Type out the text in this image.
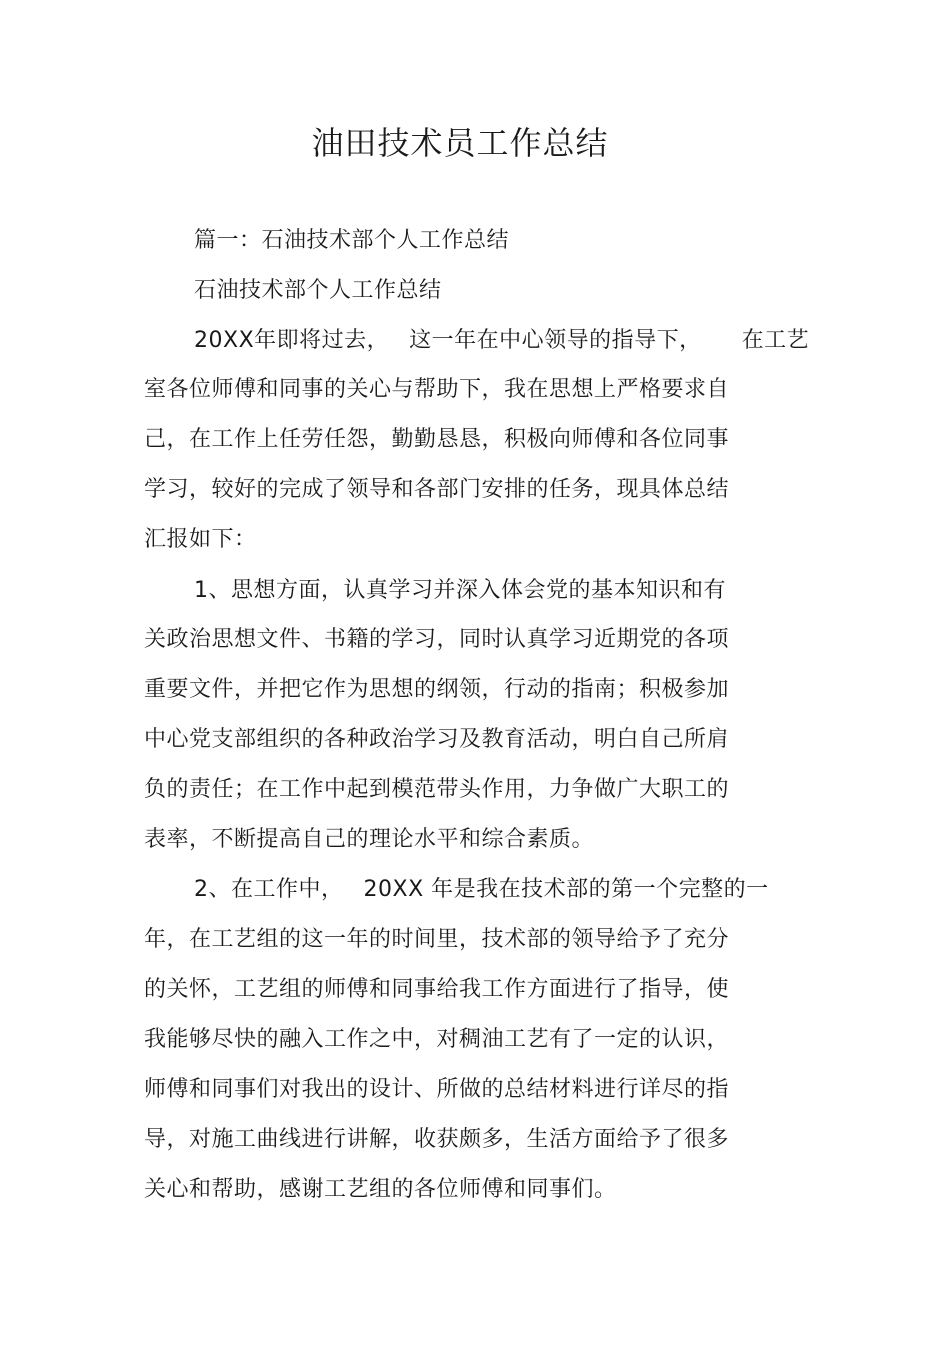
油田技术员工作总结
篇一：石油技术部个人工作总结
石油技术部个人工作总结
20XX年即将过去， 这一年在中心领导的指导下， 在工艺
室各位师傅和同事的关心与帮助下，我在思想上严格要求自
己，在工作上任劳任怨，勤勤恳恳，积极向师傅和各位同事
学习，较好的完成了领导和各部门安排的任务，现具体总结
汇报如下：
1、思想方面，认真学习并深入体会党的基本知识和有
关政治思想文件、书籍的学习，同时认真学习近期党的各项
重要文件，并把它作为思想的纲领，行动的指南；积极参加
中心党支部组织的各种政治学习及教育活动，明白自己所肩
负的责任；在工作中起到模范带头作用，力争做广大职工的
表率，不断提高自己的理论水平和综合素质。
2、在工作中， 20XX 年是我在技术部的第一个完整的一
年，在工艺组的这一年的时间里，技术部的领导给予了充分
的关怀，工艺组的师傅和同事给我工作方面进行了指导，使
我能够尽快的融入工作之中，对稠油工艺有了一定的认识，
师傅和同事们对我出的设计、所做的总结材料进行详尽的指
导，对施工曲线进行讲解，收获颇多，生活方面给予了很多
关心和帮助，感谢工艺组的各位师傅和同事们。
